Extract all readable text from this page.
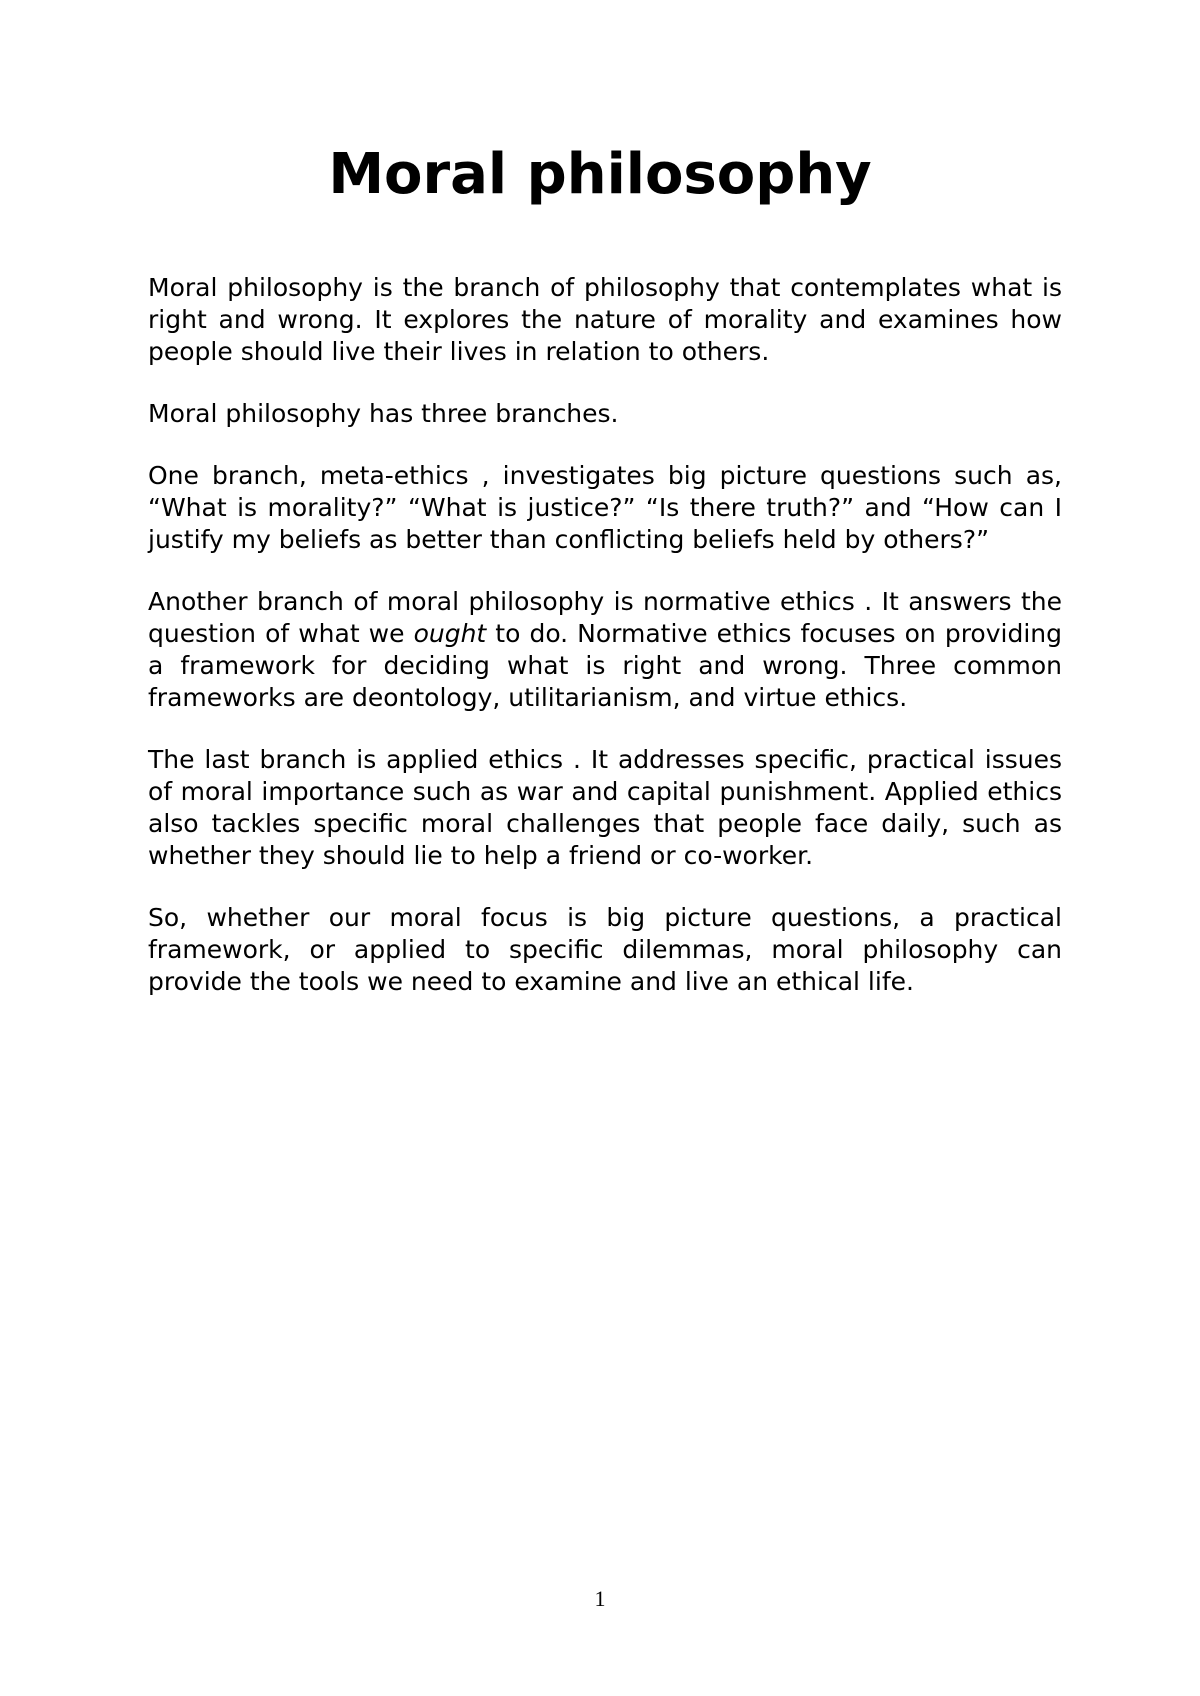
Moral philosophy

Moral philosophy is the branch of philosophy that contemplates what is right and wrong. It explores the nature of morality and examines how people should live their lives in relation to others.

Moral philosophy has three branches.

One branch, meta-ethics , investigates big picture questions such as, “What is morality?” “What is justice?” “Is there truth?” and “How can I justify my beliefs as better than conflicting beliefs held by others?”

Another branch of moral philosophy is normative ethics . It answers the question of what we ought to do. Normative ethics focuses on providing a framework for deciding what is right and wrong. Three common frameworks are deontology, utilitarianism, and virtue ethics.

The last branch is applied ethics . It addresses specific, practical issues of moral importance such as war and capital punishment. Applied ethics also tackles specific moral challenges that people face daily, such as whether they should lie to help a friend or co-worker.

So, whether our moral focus is big picture questions, a practical framework, or applied to specific dilemmas, moral philosophy can provide the tools we need to examine and live an ethical life.

1
